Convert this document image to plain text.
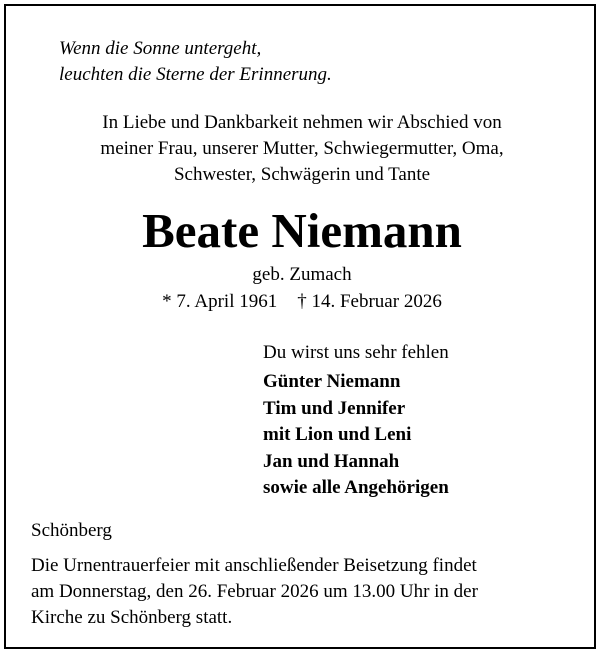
Wenn die Sonne untergeht,
leuchten die Sterne der Erinnerung.
In Liebe und Dankbarkeit nehmen wir Abschied von
meiner Frau, unserer Mutter, Schwiegermutter, Oma,
Schwester, Schwägerin und Tante
Beate Niemann
geb. Zumach
* 7. April 1961 † 14. Februar 2026
Du wirst uns sehr fehlen
Günter Niemann
Tim und Jennifer
mit Lion und Leni
Jan und Hannah
sowie alle Angehörigen
Schönberg
Die Urnentrauerfeier mit anschließender Beisetzung findet
am Donnerstag, den 26. Februar 2026 um 13.00 Uhr in der
Kirche zu Schönberg statt.
